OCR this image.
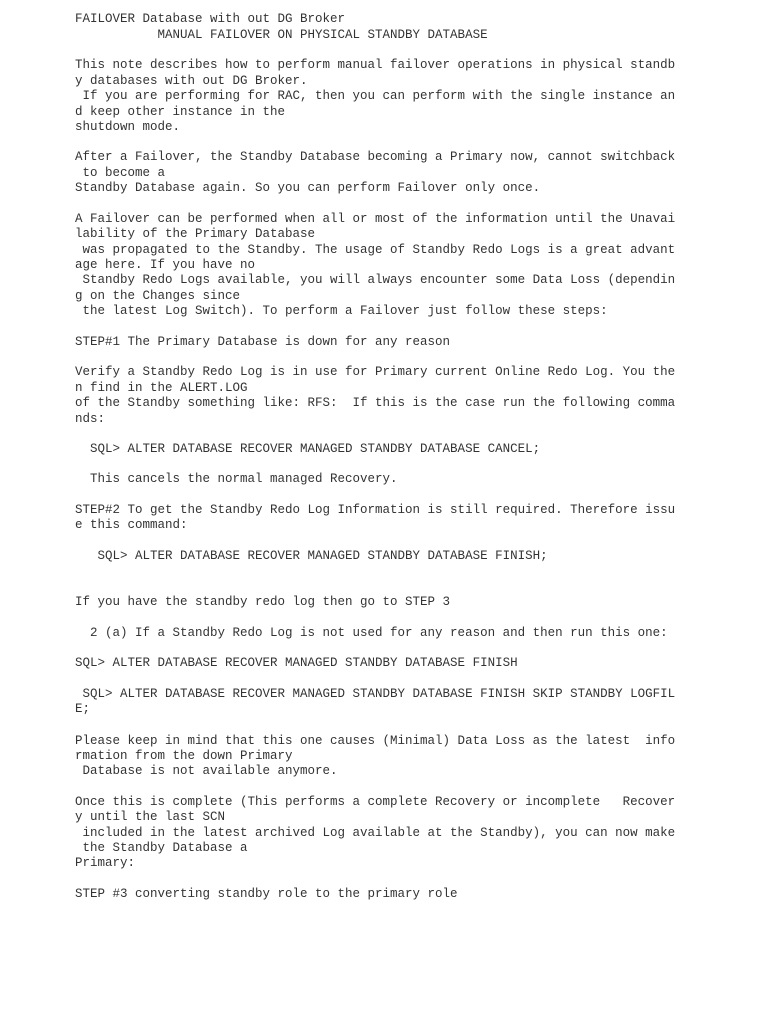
FAILOVER Database with out DG Broker
MANUAL FAILOVER ON PHYSICAL STANDBY DATABASE
This note describes how to perform manual failover operations in physical standb
y databases with out DG Broker.
If you are performing for RAC, then you can perform with the single instance an
d keep other instance in the
shutdown mode.
After a Failover, the Standby Database becoming a Primary now, cannot switchback
to become a
Standby Database again. So you can perform Failover only once.
A Failover can be performed when all or most of the information until the Unavai
lability of the Primary Database
was propagated to the Standby. The usage of Standby Redo Logs is a great advant
age here. If you have no
Standby Redo Logs available, you will always encounter some Data Loss (dependin
g on the Changes since
the latest Log Switch). To perform a Failover just follow these steps:
STEP#1 The Primary Database is down for any reason
Verify a Standby Redo Log is in use for Primary current Online Redo Log. You the
n find in the ALERT.LOG
of the Standby something like: RFS:  If this is the case run the following comma
nds:
SQL> ALTER DATABASE RECOVER MANAGED STANDBY DATABASE CANCEL;
This cancels the normal managed Recovery.
STEP#2 To get the Standby Redo Log Information is still required. Therefore issu
e this command:
SQL> ALTER DATABASE RECOVER MANAGED STANDBY DATABASE FINISH;
If you have the standby redo log then go to STEP 3
2 (a) If a Standby Redo Log is not used for any reason and then run this one:
SQL> ALTER DATABASE RECOVER MANAGED STANDBY DATABASE FINISH
SQL> ALTER DATABASE RECOVER MANAGED STANDBY DATABASE FINISH SKIP STANDBY LOGFIL
E;
Please keep in mind that this one causes (Minimal) Data Loss as the latest  info
rmation from the down Primary
Database is not available anymore.
Once this is complete (This performs a complete Recovery or incomplete   Recover
y until the last SCN
included in the latest archived Log available at the Standby), you can now make
the Standby Database a
Primary:
STEP #3 converting standby role to the primary role
